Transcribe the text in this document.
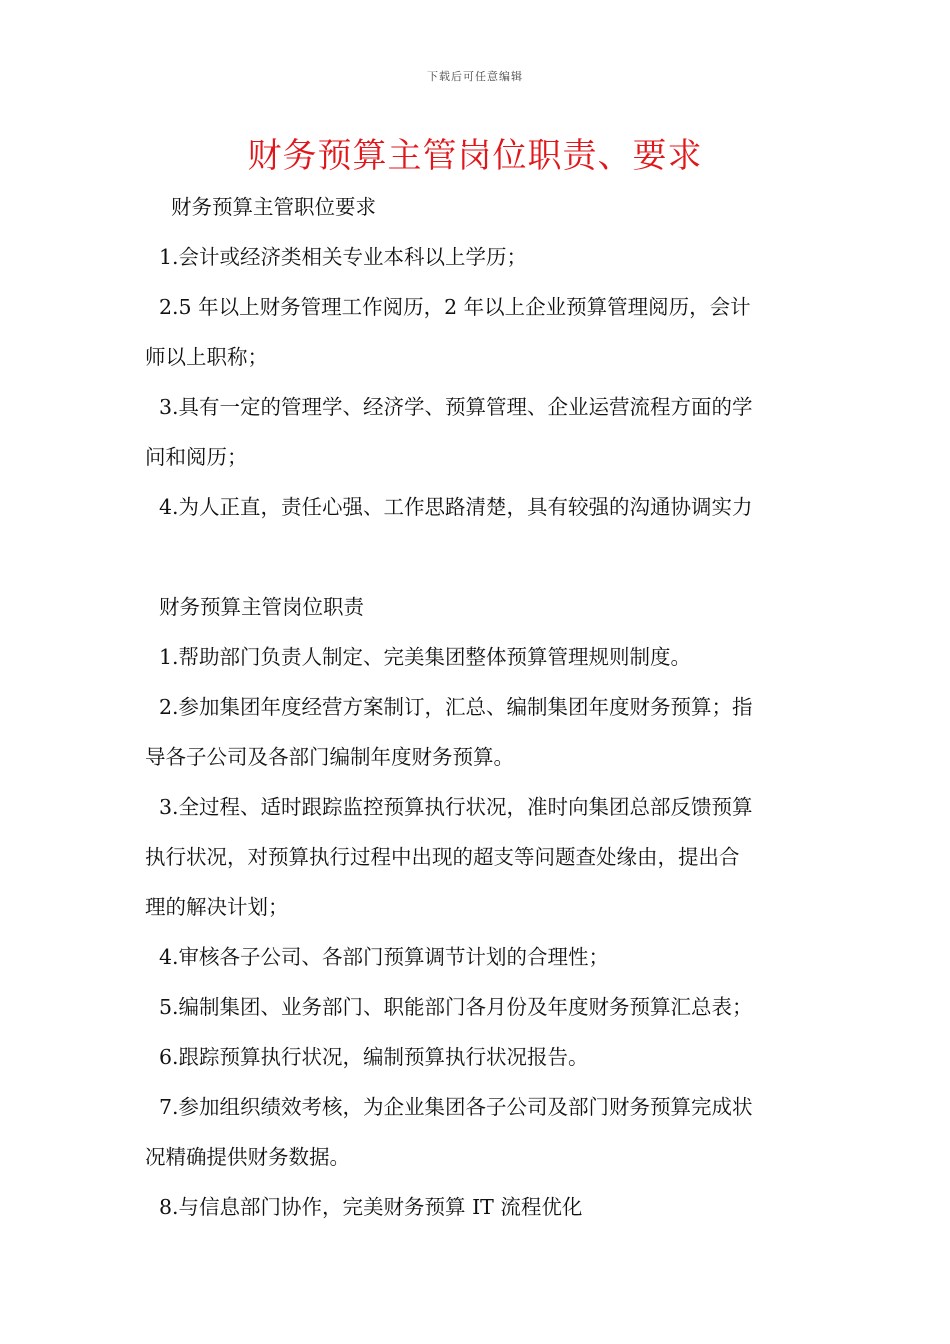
下载后可任意编辑
财务预算主管岗位职责、要求
财务预算主管职位要求
1.会计或经济类相关专业本科以上学历；
2.5 年以上财务管理工作阅历，2 年以上企业预算管理阅历，会计
师以上职称；
3.具有一定的管理学、经济学、预算管理、企业运营流程方面的学
问和阅历；
4.为人正直，责任心强、工作思路清楚，具有较强的沟通协调实力
财务预算主管岗位职责
1.帮助部门负责人制定、完美集团整体预算管理规则制度。
2.参加集团年度经营方案制订，汇总、编制集团年度财务预算；指
导各子公司及各部门编制年度财务预算。
3.全过程、适时跟踪监控预算执行状况，准时向集团总部反馈预算
执行状况，对预算执行过程中出现的超支等问题查处缘由，提出合
理的解决计划；
4.审核各子公司、各部门预算调节计划的合理性；
5.编制集团、业务部门、职能部门各月份及年度财务预算汇总表；
6.跟踪预算执行状况，编制预算执行状况报告。
7.参加组织绩效考核，为企业集团各子公司及部门财务预算完成状
况精确提供财务数据。
8.与信息部门协作，完美财务预算 IT 流程优化
